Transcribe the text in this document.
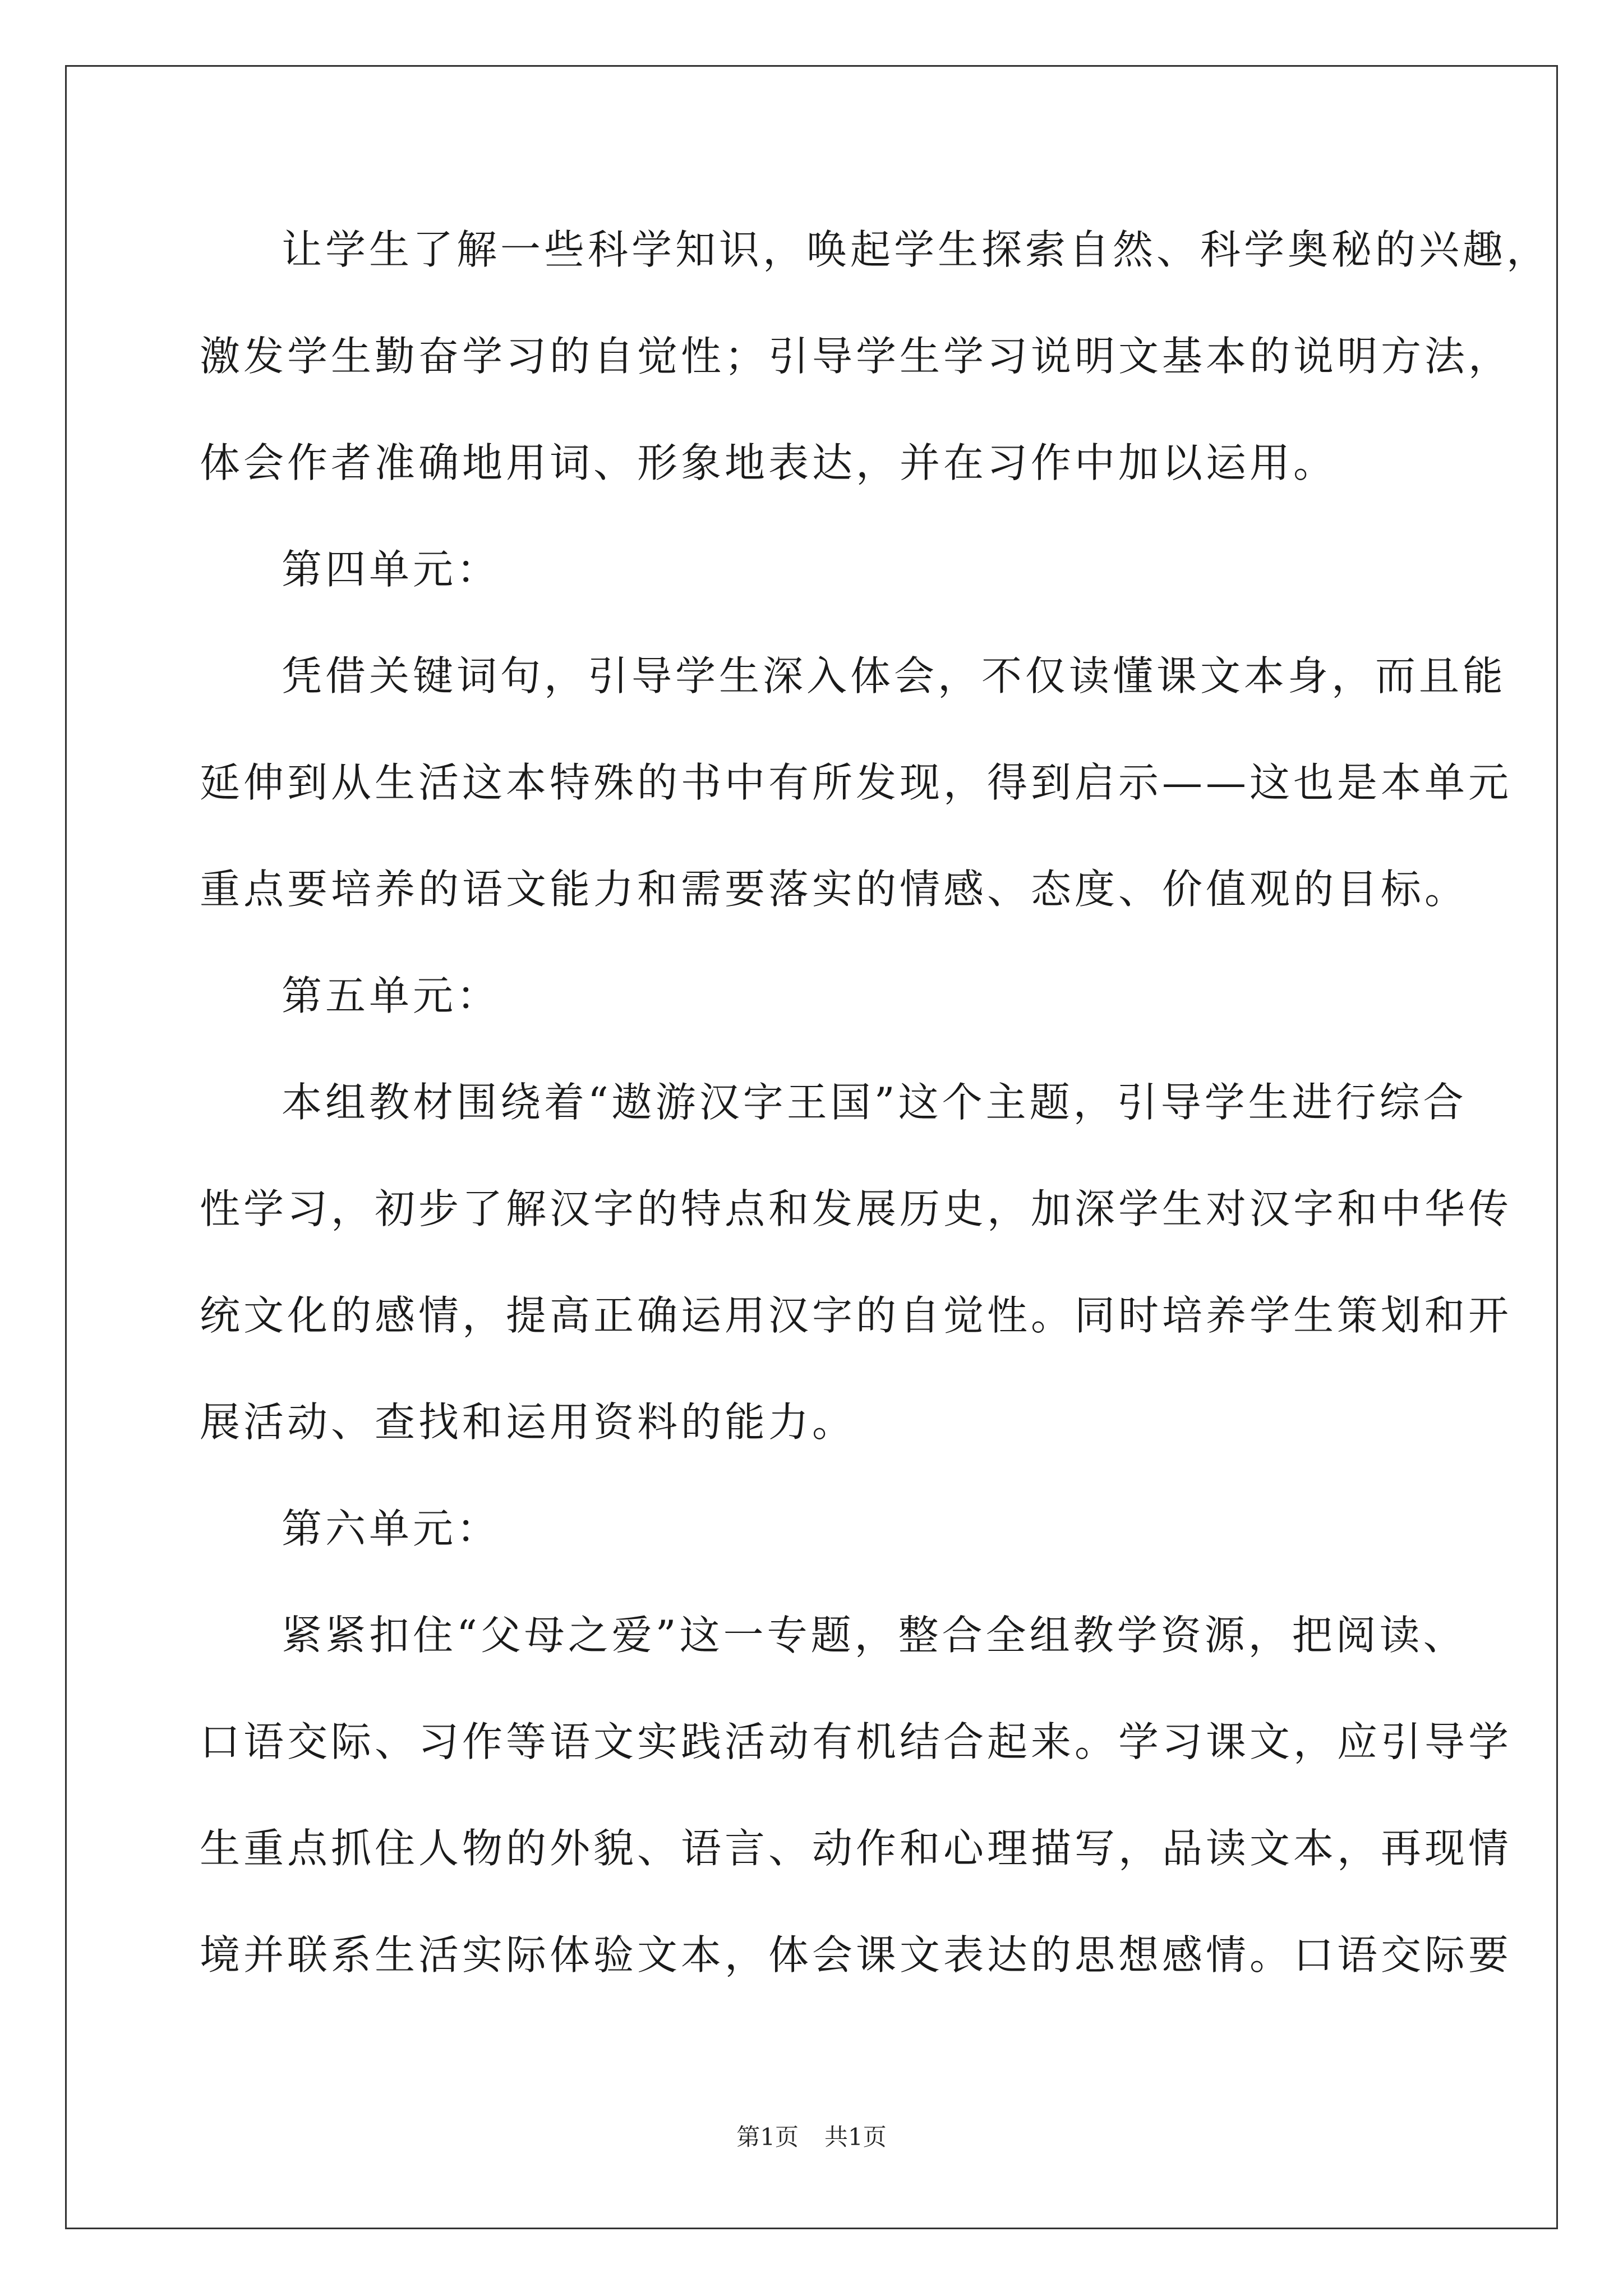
让学生了解一些科学知识，唤起学生探索自然、科学奥秘的兴趣，
激发学生勤奋学习的自觉性；引导学生学习说明文基本的说明方法，
体会作者准确地用词、形象地表达，并在习作中加以运用。
第四单元：
凭借关键词句，引导学生深入体会，不仅读懂课文本身，而且能
延伸到从生活这本特殊的书中有所发现，得到启示——这也是本单元
重点要培养的语文能力和需要落实的情感、态度、价值观的目标。
第五单元：
本组教材围绕着“遨游汉字王国”这个主题，引导学生进行综合
性学习，初步了解汉字的特点和发展历史，加深学生对汉字和中华传
统文化的感情，提高正确运用汉字的自觉性。同时培养学生策划和开
展活动、查找和运用资料的能力。
第六单元：
紧紧扣住“父母之爱”这一专题，整合全组教学资源，把阅读、
口语交际、习作等语文实践活动有机结合起来。学习课文，应引导学
生重点抓住人物的外貌、语言、动作和心理描写，品读文本，再现情
境并联系生活实际体验文本，体会课文表达的思想感情。口语交际要
第1页 共1页
